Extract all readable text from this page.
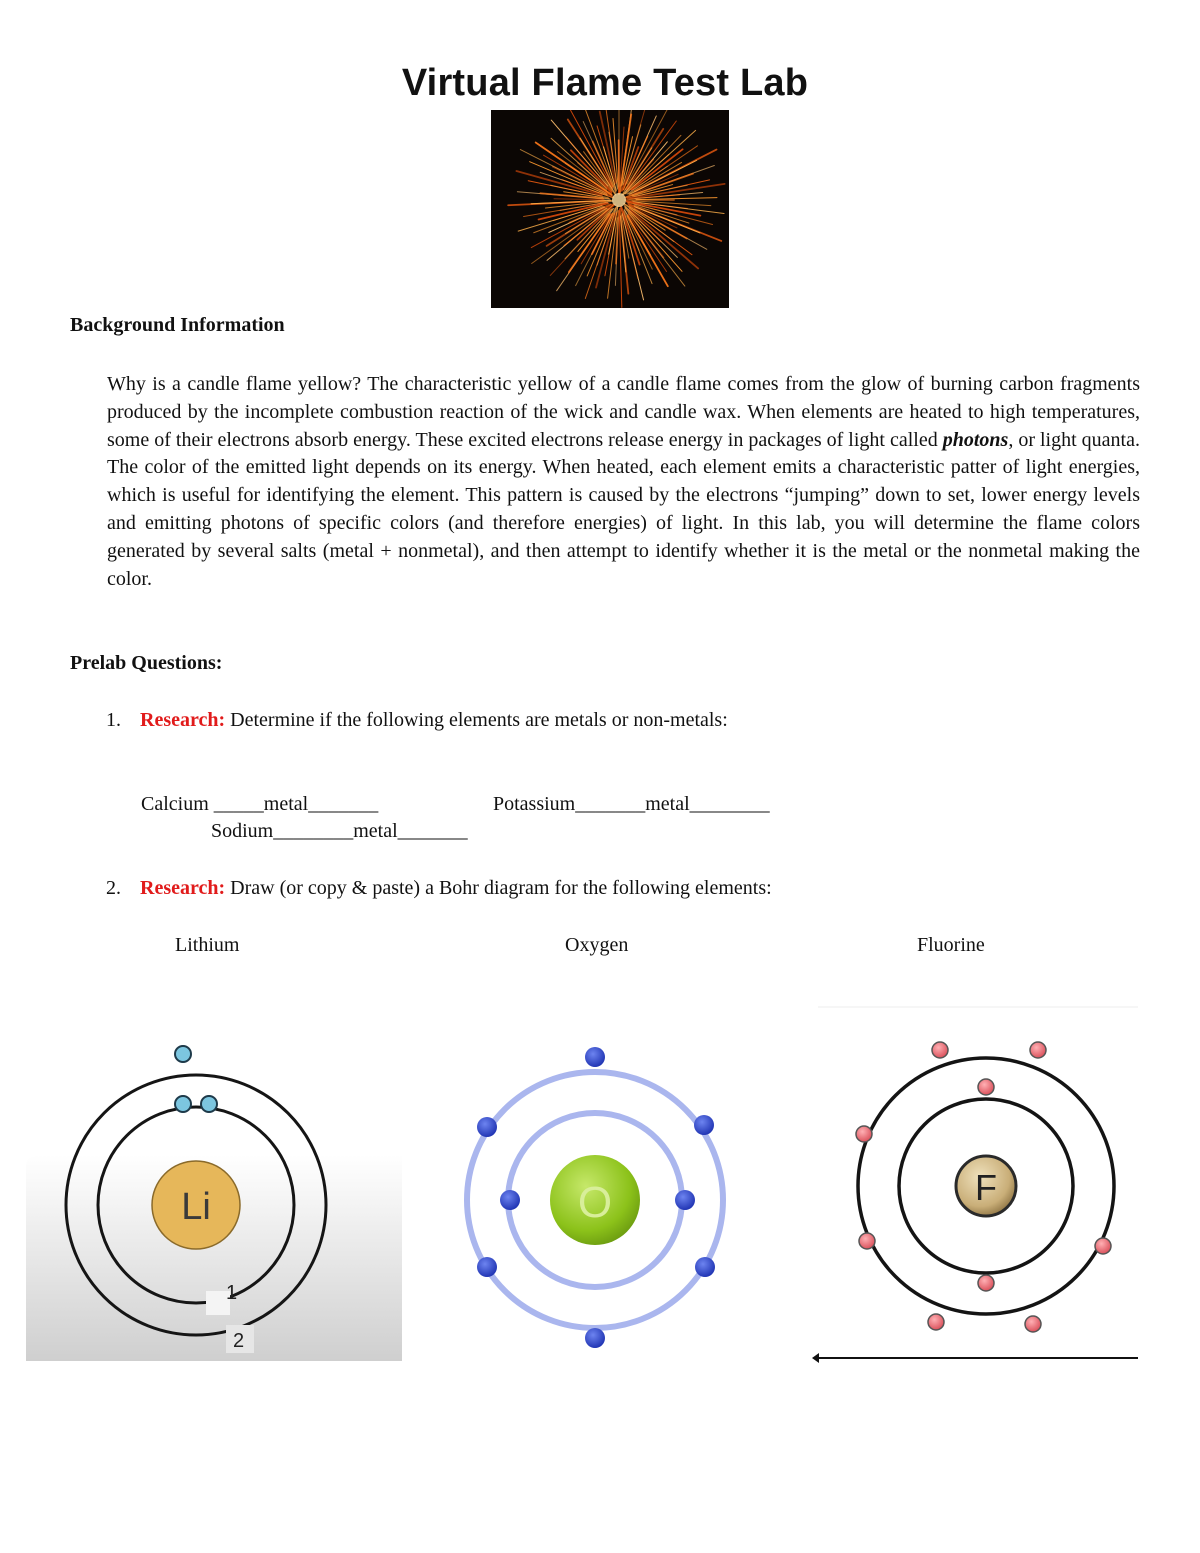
Virtual Flame Test Lab
Background Information

Why is a candle flame yellow? The characteristic yellow of a candle flame comes from the glow of burning carbon fragments produced by the incomplete combustion reaction of the wick and candle wax. When elements are heated to high temperatures, some of their electrons absorb energy. These excited electrons release energy in packages of light called photons, or light quanta. The color of the emitted light depends on its energy. When heated, each element emits a characteristic patter of light energies, which is useful for identifying the element. This pattern is caused by the electrons “jumping” down to set, lower energy levels and emitting photons of specific colors (and therefore energies) of light. In this lab, you will determine the flame colors generated by several salts (metal + nonmetal), and then attempt to identify whether it is the metal or the nonmetal making the color.

Prelab Questions:
1. Research: Determine if the following elements are metals or non-metals:
Calcium _____metal_______	Potassium_______metal________
Sodium________metal_______
2. Research: Draw (or copy & paste) a Bohr diagram for the following elements:
Lithium	Oxygen	Fluorine
1
2
Li	O	F
